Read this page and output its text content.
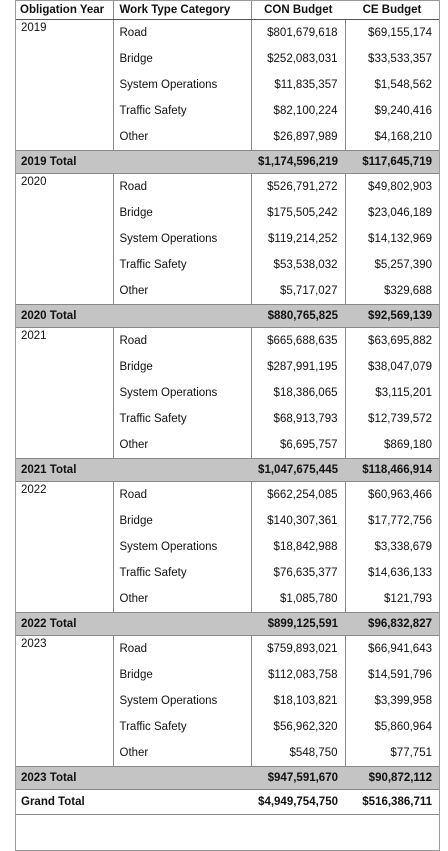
Obligation Year	Work Type Category	CON Budget	CE Budget
2019	Road	$801,679,618	$69,155,174
	Bridge	$252,083,031	$33,533,357
	System Operations	$11,835,357	$1,548,562
	Traffic Safety	$82,100,224	$9,240,416
	Other	$26,897,989	$4,168,210
2019 Total		$1,174,596,219	$117,645,719
2020	Road	$526,791,272	$49,802,903
	Bridge	$175,505,242	$23,046,189
	System Operations	$119,214,252	$14,132,969
	Traffic Safety	$53,538,032	$5,257,390
	Other	$5,717,027	$329,688
2020 Total		$880,765,825	$92,569,139
2021	Road	$665,688,635	$63,695,882
	Bridge	$287,991,195	$38,047,079
	System Operations	$18,386,065	$3,115,201
	Traffic Safety	$68,913,793	$12,739,572
	Other	$6,695,757	$869,180
2021 Total		$1,047,675,445	$118,466,914
2022	Road	$662,254,085	$60,963,466
	Bridge	$140,307,361	$17,772,756
	System Operations	$18,842,988	$3,338,679
	Traffic Safety	$76,635,377	$14,636,133
	Other	$1,085,780	$121,793
2022 Total		$899,125,591	$96,832,827
2023	Road	$759,893,021	$66,941,643
	Bridge	$112,083,758	$14,591,796
	System Operations	$18,103,821	$3,399,958
	Traffic Safety	$56,962,320	$5,860,964
	Other	$548,750	$77,751
2023 Total		$947,591,670	$90,872,112
Grand Total		$4,949,754,750	$516,386,711
